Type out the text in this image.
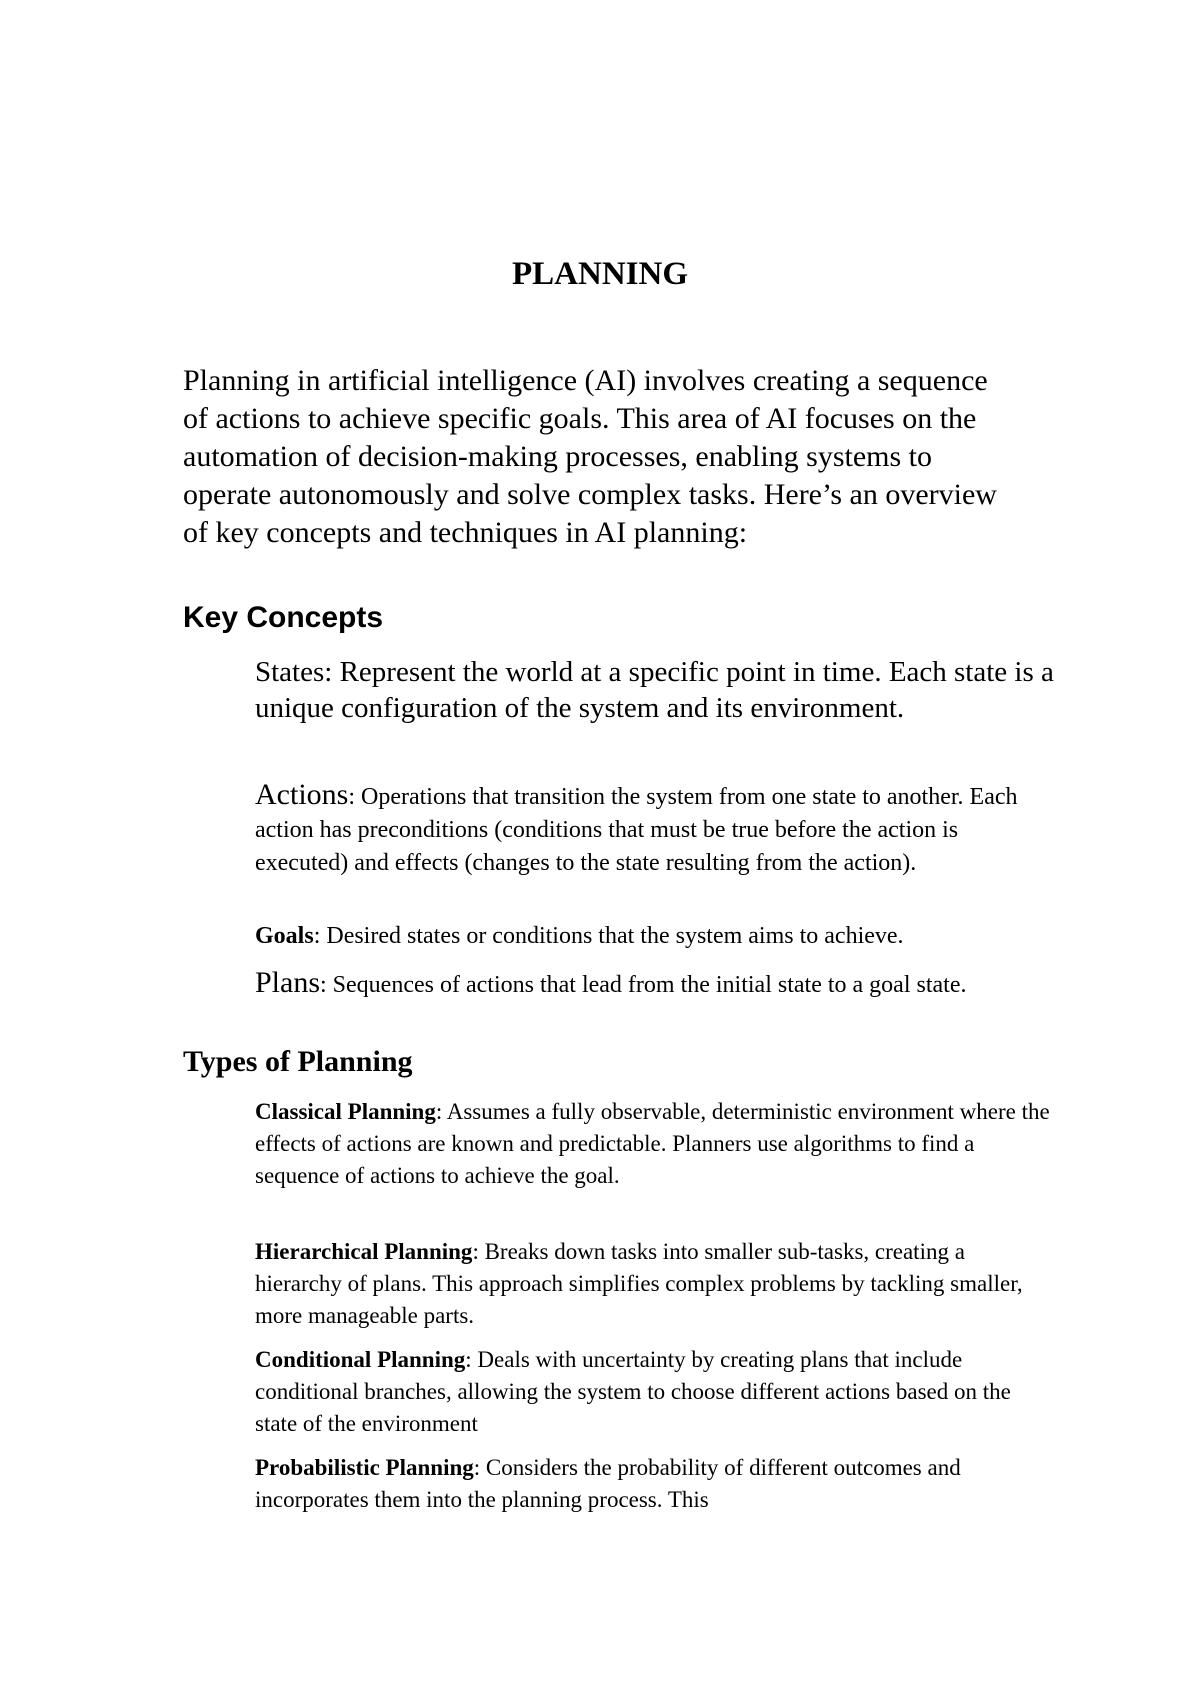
PLANNING

Planning in artificial intelligence (AI) involves creating a sequence of actions to achieve specific goals. This area of AI focuses on the automation of decision-making processes, enabling systems to operate autonomously and solve complex tasks. Here’s an overview of key concepts and techniques in AI planning:

Key Concepts

States: Represent the world at a specific point in time. Each state is a unique configuration of the system and its environment.

Actions: Operations that transition the system from one state to another. Each action has preconditions (conditions that must be true before the action is executed) and effects (changes to the state resulting from the action).

Goals: Desired states or conditions that the system aims to achieve.

Plans: Sequences of actions that lead from the initial state to a goal state.

Types of Planning

Classical Planning: Assumes a fully observable, deterministic environment where the effects of actions are known and predictable. Planners use algorithms to find a sequence of actions to achieve the goal.

Hierarchical Planning: Breaks down tasks into smaller sub-tasks, creating a hierarchy of plans. This approach simplifies complex problems by tackling smaller, more manageable parts.

Conditional Planning: Deals with uncertainty by creating plans that include conditional branches, allowing the system to choose different actions based on the state of the environment

Probabilistic Planning: Considers the probability of different outcomes and incorporates them into the planning process. This
